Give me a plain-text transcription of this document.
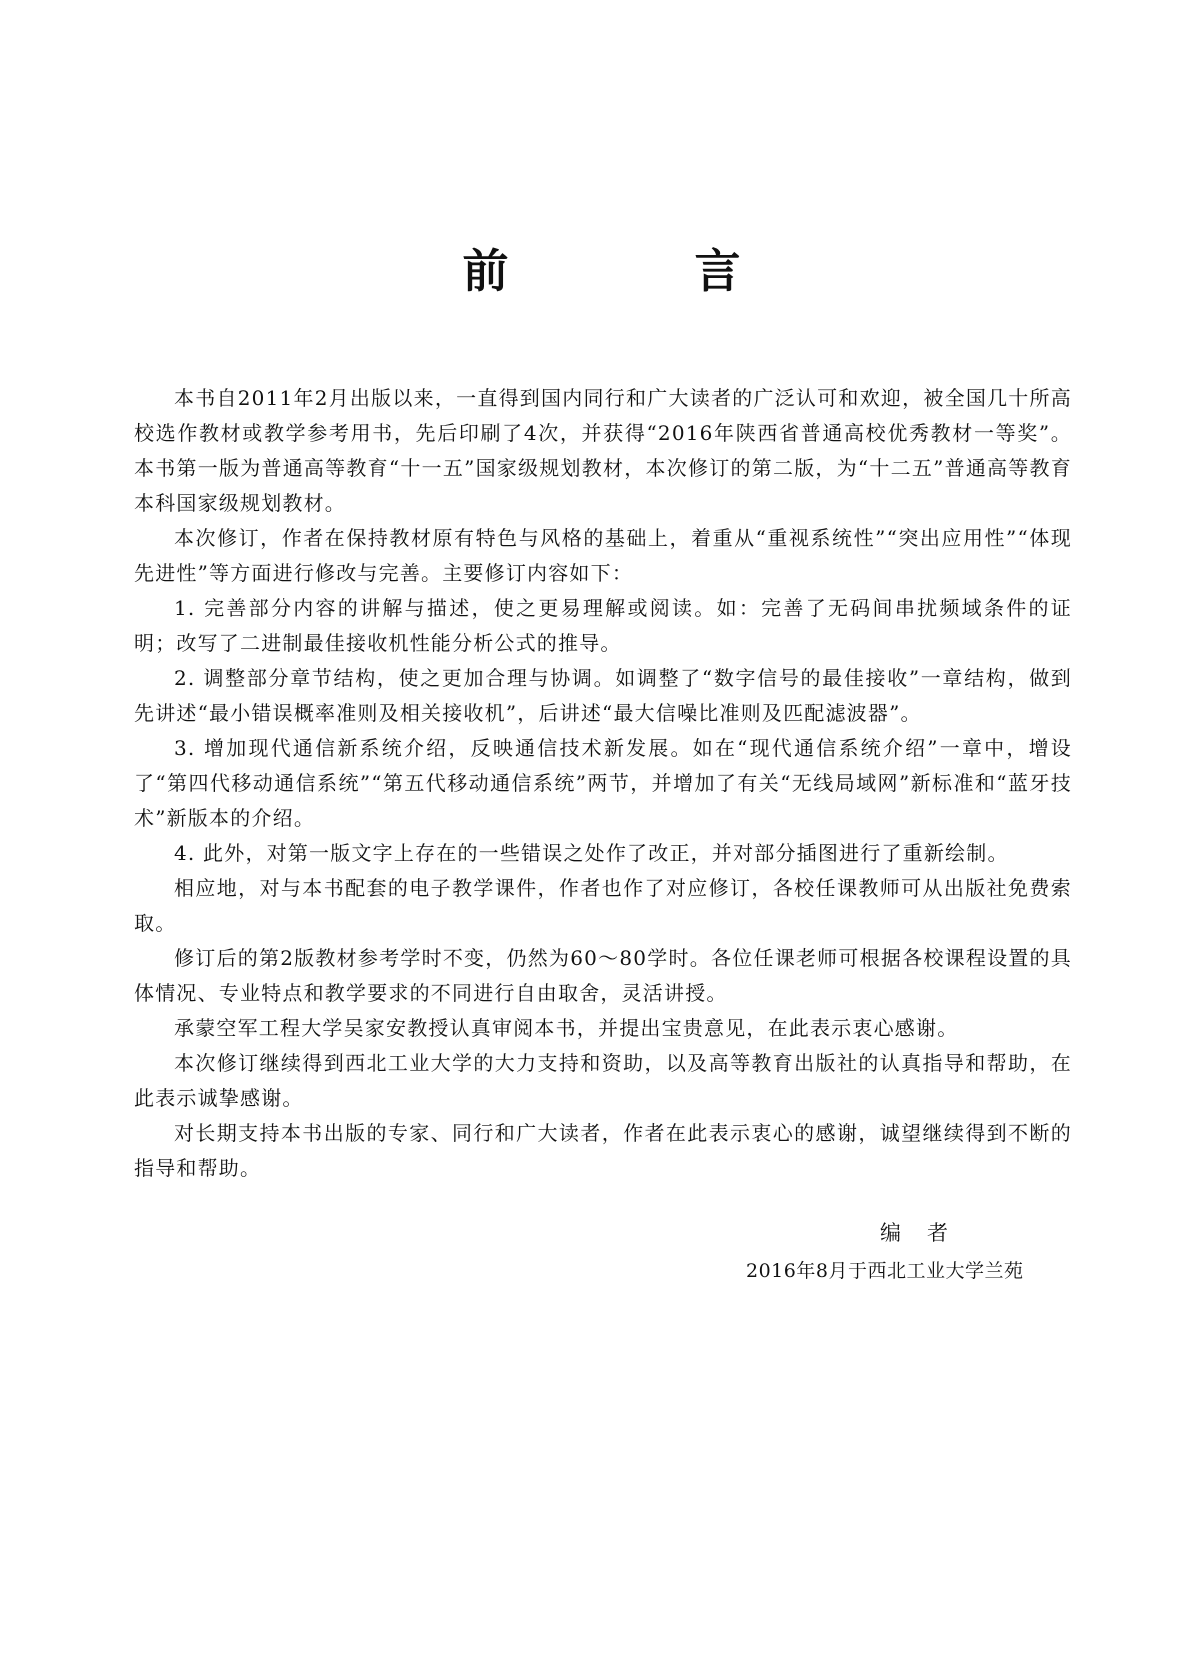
前　言

本书自2011年2月出版以来，一直得到国内同行和广大读者的广泛认可和欢迎，被全国几十所高校选作教材或教学参考用书，先后印刷了4次，并获得“2016年陕西省普通高校优秀教材一等奖”。本书第一版为普通高等教育“十一五”国家级规划教材，本次修订的第二版，为“十二五”普通高等教育本科国家级规划教材。

本次修订，作者在保持教材原有特色与风格的基础上，着重从“重视系统性”“突出应用性”“体现先进性”等方面进行修改与完善。主要修订内容如下：

1. 完善部分内容的讲解与描述，使之更易理解或阅读。如：完善了无码间串扰频域条件的证明；改写了二进制最佳接收机性能分析公式的推导。

2. 调整部分章节结构，使之更加合理与协调。如调整了“数字信号的最佳接收”一章结构，做到先讲述“最小错误概率准则及相关接收机”，后讲述“最大信噪比准则及匹配滤波器”。

3. 增加现代通信新系统介绍，反映通信技术新发展。如在“现代通信系统介绍”一章中，增设了“第四代移动通信系统”“第五代移动通信系统”两节，并增加了有关“无线局域网”新标准和“蓝牙技术”新版本的介绍。

4. 此外，对第一版文字上存在的一些错误之处作了改正，并对部分插图进行了重新绘制。

相应地，对与本书配套的电子教学课件，作者也作了对应修订，各校任课教师可从出版社免费索取。

修订后的第2版教材参考学时不变，仍然为60～80学时。各位任课老师可根据各校课程设置的具体情况、专业特点和教学要求的不同进行自由取舍，灵活讲授。

承蒙空军工程大学吴家安教授认真审阅本书，并提出宝贵意见，在此表示衷心感谢。

本次修订继续得到西北工业大学的大力支持和资助，以及高等教育出版社的认真指导和帮助，在此表示诚挚感谢。

对长期支持本书出版的专家、同行和广大读者，作者在此表示衷心的感谢，诚望继续得到不断的指导和帮助。

编者
2016年8月于西北工业大学兰苑
